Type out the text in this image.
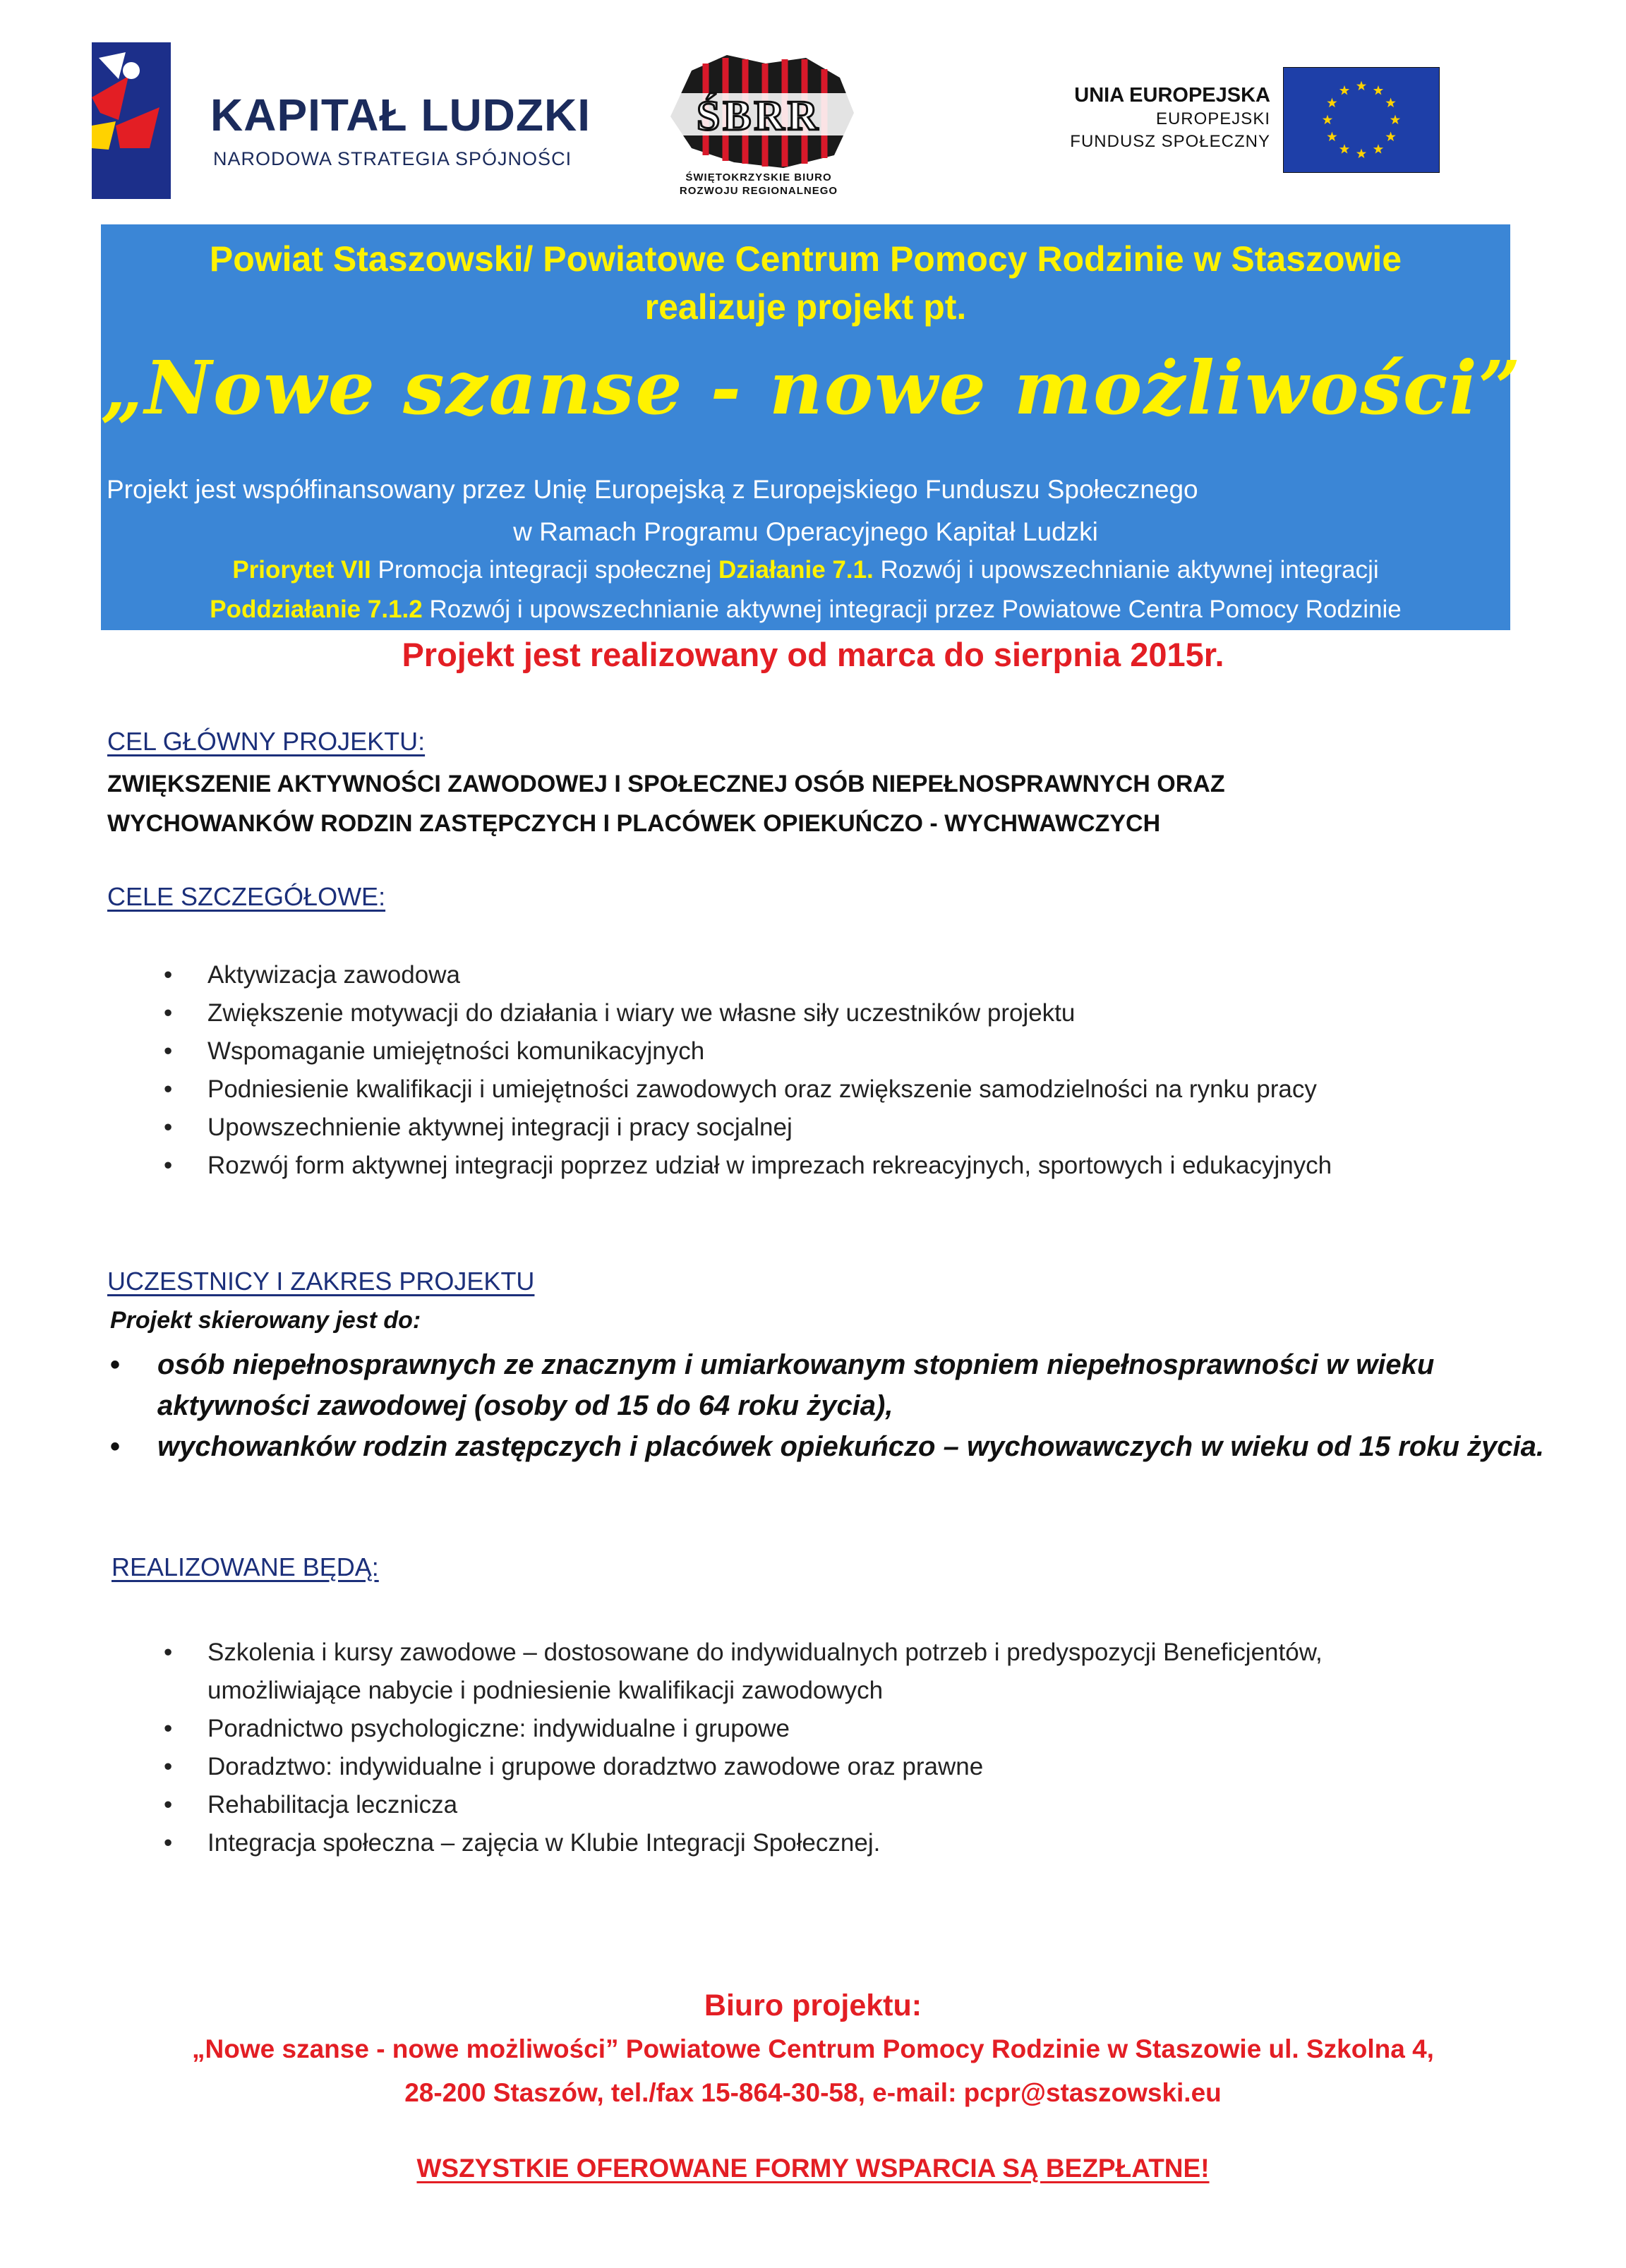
KAPITAŁ LUDZKI
NARODOWA STRATEGIA SPÓJNOŚCI
ŚBRR
ŚWIĘTOKRZYSKIE BIURO
ROZWOJU REGIONALNEGO
UNIA EUROPEJSKA
EUROPEJSKI
FUNDUSZ SPOŁECZNY
Powiat Staszowski/ Powiatowe Centrum Pomocy Rodzinie w Staszowie
realizuje projekt pt.
„Nowe szanse - nowe możliwości”
Projekt jest współfinansowany przez Unię Europejską z Europejskiego Funduszu Społecznego
w Ramach Programu Operacyjnego Kapitał Ludzki
Priorytet VII Promocja integracji społecznej Działanie 7.1. Rozwój i upowszechnianie aktywnej integracji
Poddziałanie 7.1.2 Rozwój i upowszechnianie aktywnej integracji przez Powiatowe Centra Pomocy Rodzinie
Projekt jest realizowany od marca do sierpnia 2015r.
CEL GŁÓWNY PROJEKTU:
ZWIĘKSZENIE AKTYWNOŚCI ZAWODOWEJ I SPOŁECZNEJ OSÓB NIEPEŁNOSPRAWNYCH ORAZ
WYCHOWANKÓW RODZIN ZASTĘPCZYCH I PLACÓWEK OPIEKUŃCZO - WYCHWAWCZYCH
CELE SZCZEGÓŁOWE:
• Aktywizacja zawodowa
• Zwiększenie motywacji do działania i wiary we własne siły uczestników projektu
• Wspomaganie umiejętności komunikacyjnych
• Podniesienie kwalifikacji i umiejętności zawodowych oraz zwiększenie samodzielności na rynku pracy
• Upowszechnienie aktywnej integracji i pracy socjalnej
• Rozwój form aktywnej integracji poprzez udział w imprezach rekreacyjnych, sportowych i edukacyjnych
UCZESTNICY I ZAKRES PROJEKTU
Projekt skierowany jest do:
• osób niepełnosprawnych ze znacznym i umiarkowanym stopniem niepełnosprawności w wieku aktywności zawodowej (osoby od 15 do 64 roku życia),
• wychowanków rodzin zastępczych i placówek opiekuńczo – wychowawczych w wieku od 15 roku życia.
REALIZOWANE BĘDĄ:
• Szkolenia i kursy zawodowe – dostosowane do indywidualnych potrzeb i predyspozycji Beneficjentów, umożliwiające nabycie i podniesienie kwalifikacji zawodowych
• Poradnictwo psychologiczne: indywidualne i grupowe
• Doradztwo: indywidualne i grupowe doradztwo zawodowe oraz prawne
• Rehabilitacja lecznicza
• Integracja społeczna – zajęcia w Klubie Integracji Społecznej.
Biuro projektu:
„Nowe szanse - nowe możliwości” Powiatowe Centrum Pomocy Rodzinie w Staszowie ul. Szkolna 4,
28-200 Staszów, tel./fax 15-864-30-58, e-mail: pcpr@staszowski.eu
WSZYSTKIE OFEROWANE FORMY WSPARCIA SĄ BEZPŁATNE!
